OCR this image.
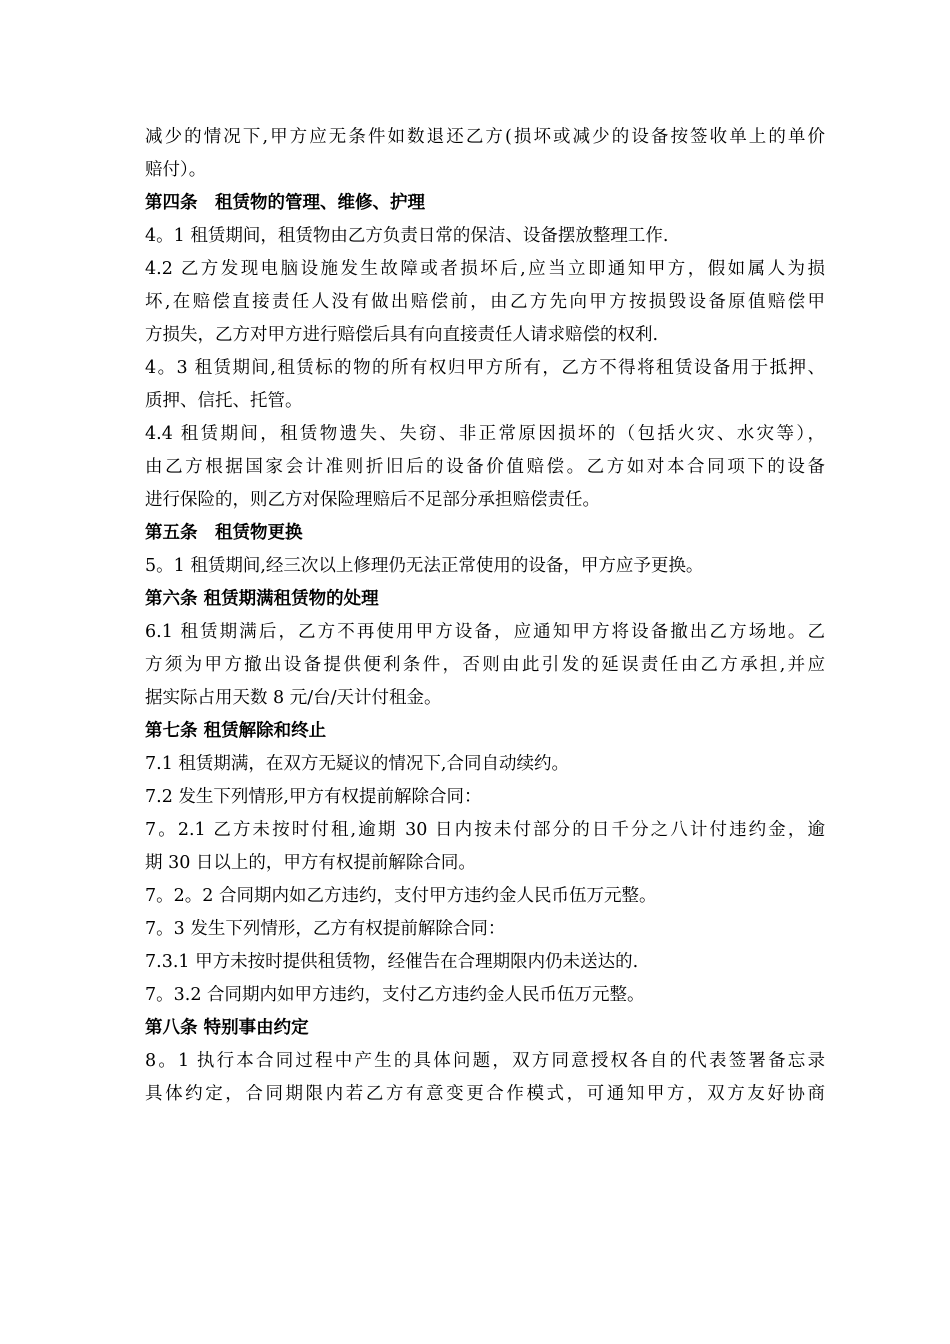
减少的情况下,甲方应无条件如数退还乙方(损坏或减少的设备按签收单上的单价
赔付）。
第四条　租赁物的管理、维修、护理
4。1 租赁期间，租赁物由乙方负责日常的保洁、设备摆放整理工作.
4.2 乙方发现电脑设施发生故障或者损坏后,应当立即通知甲方，假如属人为损
坏,在赔偿直接责任人没有做出赔偿前，由乙方先向甲方按损毁设备原值赔偿甲
方损失，乙方对甲方进行赔偿后具有向直接责任人请求赔偿的权利.
4。3 租赁期间,租赁标的物的所有权归甲方所有，乙方不得将租赁设备用于抵押、
质押、信托、托管。
4.4 租赁期间，租赁物遗失、失窃、非正常原因损坏的（包括火灾、水灾等），
由乙方根据国家会计准则折旧后的设备价值赔偿。乙方如对本合同项下的设备
进行保险的，则乙方对保险理赔后不足部分承担赔偿责任。
第五条　租赁物更换
5。1 租赁期间,经三次以上修理仍无法正常使用的设备，甲方应予更换。
第六条 租赁期满租赁物的处理
6.1 租赁期满后，乙方不再使用甲方设备，应通知甲方将设备撤出乙方场地。乙
方须为甲方撤出设备提供便利条件，否则由此引发的延误责任由乙方承担,并应
据实际占用天数 8 元/台/天计付租金。
第七条 租赁解除和终止
7.1 租赁期满，在双方无疑议的情况下,合同自动续约。
7.2 发生下列情形,甲方有权提前解除合同：
7。2.1 乙方未按时付租,逾期 30 日内按未付部分的日千分之八计付违约金，逾
期 30 日以上的，甲方有权提前解除合同。
7。2。2 合同期内如乙方违约，支付甲方违约金人民币伍万元整。
7。3 发生下列情形，乙方有权提前解除合同：
7.3.1 甲方未按时提供租赁物，经催告在合理期限内仍未送达的.
7。3.2 合同期内如甲方违约，支付乙方违约金人民币伍万元整。
第八条 特别事由约定
8。1 执行本合同过程中产生的具体问题，双方同意授权各自的代表签署备忘录
具体约定，合同期限内若乙方有意变更合作模式，可通知甲方，双方友好协商
